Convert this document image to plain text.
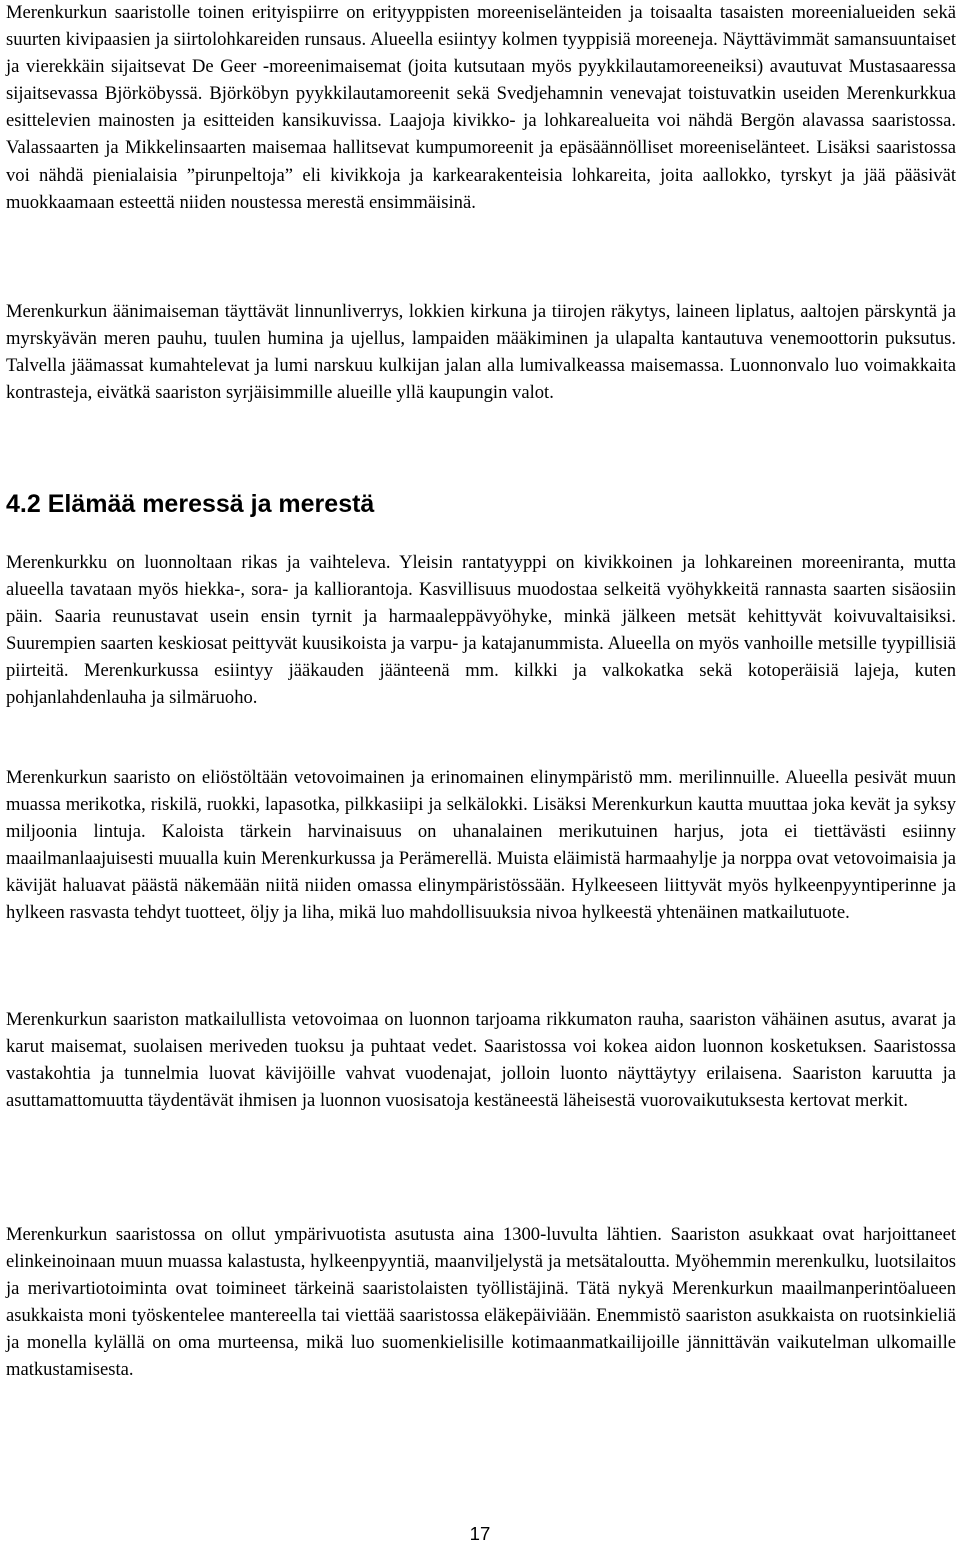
Merenkurkun saaristolle toinen erityispiirre on erityyppisten moreeniselänteiden ja toisaalta tasaisten moreenialueiden sekä suurten kivipaasien ja siirtolohkareiden runsaus. Alueella esiintyy kolmen tyyppisiä moreeneja. Näyttävimmät samansuuntaiset ja vierekkäin sijaitsevat De Geer -moreenimaisemat (joita kutsutaan myös pyykkilautamoreeneiksi) avautuvat Mustasaaressa sijaitsevassa Björköbyssä. Björköbyn pyykkilautamoreenit sekä Svedjehamnin venevajat toistuvatkin useiden Merenkurkkua esittelevien mainosten ja esitteiden kansikuvissa. Laajoja kivikko- ja lohkarealueita voi nähdä Bergön alavassa saaristossa. Valassaarten ja Mikkelinsaarten maisemaa hallitsevat kumpumoreenit ja epäsäännölliset moreeniselänteet. Lisäksi saaristossa voi nähdä pienialaisia ”pirunpeltoja” eli kivikkoja ja karkearakenteisia lohkareita, joita aallokko, tyrskyt ja jää pääsivät muokkaamaan esteettä niiden noustessa merestä ensimmäisinä.

Merenkurkun äänimaiseman täyttävät linnunliverrys, lokkien kirkuna ja tiirojen räkytys, laineen liplatus, aaltojen pärskyntä ja myrskyävän meren pauhu, tuulen humina ja ujellus, lampaiden määkiminen ja ulapalta kantautuva venemoottorin puksutus. Talvella jäämassat kumahtelevat ja lumi narskuu kulkijan jalan alla lumivalkeassa maisemassa. Luonnonvalo luo voimakkaita kontrasteja, eivätkä saariston syrjäisimmille alueille yllä kaupungin valot.

4.2 Elämää meressä ja merestä

Merenkurkku on luonnoltaan rikas ja vaihteleva. Yleisin rantatyyppi on kivikkoinen ja lohkareinen moreeniranta, mutta alueella tavataan myös hiekka-, sora- ja kalliorantoja. Kasvillisuus muodostaa selkeitä vyöhykkeitä rannasta saarten sisäosiin päin. Saaria reunustavat usein ensin tyrnit ja harmaaleppävyöhyke, minkä jälkeen metsät kehittyvät koivuvaltaisiksi. Suurempien saarten keskiosat peittyvät kuusikoista ja varpu- ja katajanummista. Alueella on myös vanhoille metsille tyypillisiä piirteitä. Merenkurkussa esiintyy jääkauden jäänteenä mm. kilkki ja valkokatka sekä kotoperäisiä lajeja, kuten pohjanlahdenlauha ja silmäruoho.

Merenkurkun saaristo on eliöstöltään vetovoimainen ja erinomainen elinympäristö mm. merilinnuille. Alueella pesivät muun muassa merikotka, riskilä, ruokki, lapasotka, pilkkasiipi ja selkälokki. Lisäksi Merenkurkun kautta muuttaa joka kevät ja syksy miljoonia lintuja. Kaloista tärkein harvinaisuus on uhanalainen merikutuinen harjus, jota ei tiettävästi esiinny maailmanlaajuisesti muualla kuin Merenkurkussa ja Perämerellä. Muista eläimistä harmaahylje ja norppa ovat vetovoimaisia ja kävijät haluavat päästä näkemään niitä niiden omassa elinympäristössään. Hylkeeseen liittyvät myös hylkeenpyyntiperinne ja hylkeen rasvasta tehdyt tuotteet, öljy ja liha, mikä luo mahdollisuuksia nivoa hylkeestä yhtenäinen matkailutuote.

Merenkurkun saariston matkailullista vetovoimaa on luonnon tarjoama rikkumaton rauha, saariston vähäinen asutus, avarat ja karut maisemat, suolaisen meriveden tuoksu ja puhtaat vedet. Saaristossa voi kokea aidon luonnon kosketuksen. Saaristossa vastakohtia ja tunnelmia luovat kävijöille vahvat vuodenajat, jolloin luonto näyttäytyy erilaisena. Saariston karuutta ja asuttamattomuutta täydentävät ihmisen ja luonnon vuosisatoja kestäneestä läheisestä vuorovaikutuksesta kertovat merkit.

Merenkurkun saaristossa on ollut ympärivuotista asutusta aina 1300-luvulta lähtien. Saariston asukkaat ovat harjoittaneet elinkeinoinaan muun muassa kalastusta, hylkeenpyyntiä, maanviljelystä ja metsätaloutta. Myöhemmin merenkulku, luotsilaitos ja merivartiotoiminta ovat toimineet tärkeinä saaristolaisten työllistäjinä. Tätä nykyä Merenkurkun maailmanperintöalueen asukkaista moni työskentelee mantereella tai viettää saaristossa eläkepäiviään. Enemmistö saariston asukkaista on ruotsinkieliä ja monella kylällä on oma murteensa, mikä luo suomenkielisille kotimaanmatkailijoille jännittävän vaikutelman ulkomaille matkustamisesta.

17
